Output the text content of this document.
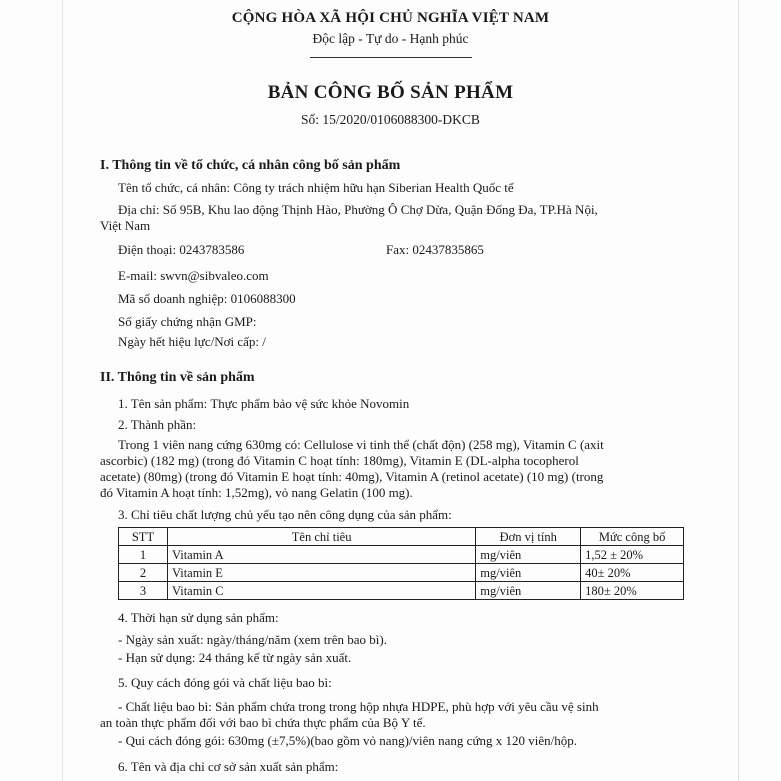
CỘNG HÒA XÃ HỘI CHỦ NGHĨA VIỆT NAM
Độc lập - Tự do - Hạnh phúc
BẢN CÔNG BỐ SẢN PHẨM
Số: 15/2020/0106088300-DKCB
I. Thông tin về tổ chức, cá nhân công bố sản phẩm
Tên tổ chức, cá nhân: Công ty trách nhiệm hữu hạn Siberian Health Quốc tế
Địa chỉ: Số 95B, Khu lao động Thịnh Hào, Phường Ô Chợ Dừa, Quận Đống Đa, TP.Hà Nội,
Việt Nam
Điện thoại: 0243783586	Fax: 02437835865
E-mail: swvn@sibvaleo.com
Mã số doanh nghiệp: 0106088300
Số giấy chứng nhận GMP:
Ngày hết hiệu lực/Nơi cấp: /
II. Thông tin về sản phẩm
1. Tên sản phẩm: Thực phẩm bảo vệ sức khỏe Novomin
2. Thành phần:
Trong 1 viên nang cứng 630mg có: Cellulose vi tinh thể (chất độn) (258 mg), Vitamin C (axit
ascorbic) (182 mg) (trong đó Vitamin C hoạt tính: 180mg), Vitamin E (DL-alpha tocopherol
acetate) (80mg) (trong đó Vitamin E hoạt tính: 40mg), Vitamin A (retinol acetate) (10 mg) (trong
đó Vitamin A hoạt tính: 1,52mg), vỏ nang Gelatin (100 mg).
3. Chỉ tiêu chất lượng chủ yếu tạo nên công dụng của sản phẩm:
STT	Tên chỉ tiêu	Đơn vị tính	Mức công bố
1	Vitamin A	mg/viên	1,52 ± 20%
2	Vitamin E	mg/viên	40± 20%
3	Vitamin C	mg/viên	180± 20%
4. Thời hạn sử dụng sản phẩm:
- Ngày sản xuất: ngày/tháng/năm (xem trên bao bì).
- Hạn sử dụng: 24 tháng kể từ ngày sản xuất.
5. Quy cách đóng gói và chất liệu bao bì:
- Chất liệu bao bì: Sản phẩm chứa trong trong hộp nhựa HDPE, phù hợp với yêu cầu vệ sinh
an toàn thực phẩm đối với bao bì chứa thực phẩm của Bộ Y tế.
- Qui cách đóng gói: 630mg (±7,5%)(bao gồm vỏ nang)/viên nang cứng x 120 viên/hộp.
6. Tên và địa chỉ cơ sở sản xuất sản phẩm:
